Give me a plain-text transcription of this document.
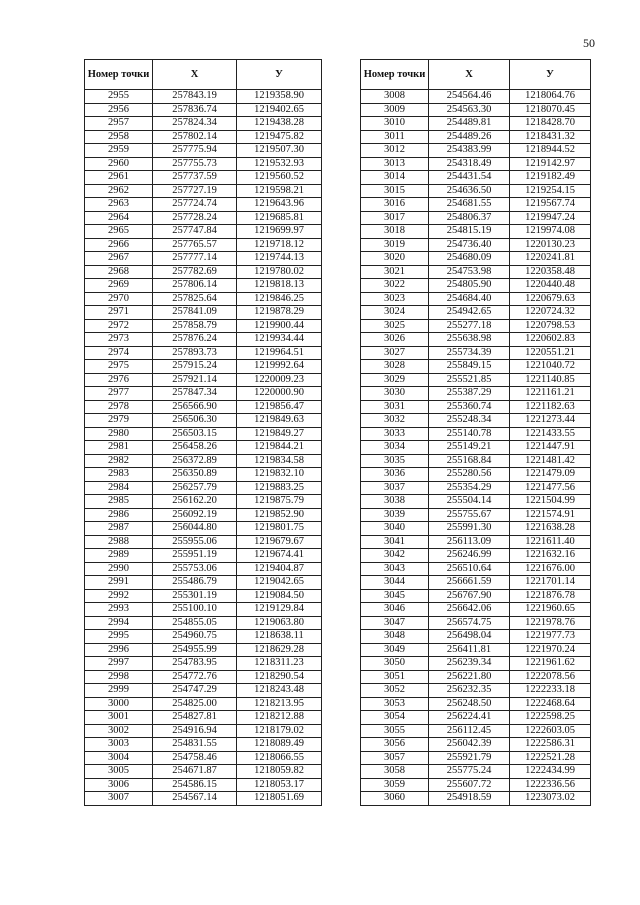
50
Номер точки	Х	У
2955	257843.19	1219358.90
2956	257836.74	1219402.65
2957	257824.34	1219438.28
2958	257802.14	1219475.82
2959	257775.94	1219507.30
2960	257755.73	1219532.93
2961	257737.59	1219560.52
2962	257727.19	1219598.21
2963	257724.74	1219643.96
2964	257728.24	1219685.81
2965	257747.84	1219699.97
2966	257765.57	1219718.12
2967	257777.14	1219744.13
2968	257782.69	1219780.02
2969	257806.14	1219818.13
2970	257825.64	1219846.25
2971	257841.09	1219878.29
2972	257858.79	1219900.44
2973	257876.24	1219934.44
2974	257893.73	1219964.51
2975	257915.24	1219992.64
2976	257921.14	1220009.23
2977	257847.34	1220000.90
2978	256566.90	1219856.47
2979	256506.30	1219849.63
2980	256503.15	1219849.27
2981	256458.26	1219844.21
2982	256372.89	1219834.58
2983	256350.89	1219832.10
2984	256257.79	1219883.25
2985	256162.20	1219875.79
2986	256092.19	1219852.90
2987	256044.80	1219801.75
2988	255955.06	1219679.67
2989	255951.19	1219674.41
2990	255753.06	1219404.87
2991	255486.79	1219042.65
2992	255301.19	1219084.50
2993	255100.10	1219129.84
2994	254855.05	1219063.80
2995	254960.75	1218638.11
2996	254955.99	1218629.28
2997	254783.95	1218311.23
2998	254772.76	1218290.54
2999	254747.29	1218243.48
3000	254825.00	1218213.95
3001	254827.81	1218212.88
3002	254916.94	1218179.02
3003	254831.55	1218089.49
3004	254758.46	1218066.55
3005	254671.87	1218059.82
3006	254586.15	1218053.17
3007	254567.14	1218051.69
Номер точки	Х	У
3008	254564.46	1218064.76
3009	254563.30	1218070.45
3010	254489.81	1218428.70
3011	254489.26	1218431.32
3012	254383.99	1218944.52
3013	254318.49	1219142.97
3014	254431.54	1219182.49
3015	254636.50	1219254.15
3016	254681.55	1219567.74
3017	254806.37	1219947.24
3018	254815.19	1219974.08
3019	254736.40	1220130.23
3020	254680.09	1220241.81
3021	254753.98	1220358.48
3022	254805.90	1220440.48
3023	254684.40	1220679.63
3024	254942.65	1220724.32
3025	255277.18	1220798.53
3026	255638.98	1220602.83
3027	255734.39	1220551.21
3028	255849.15	1221040.72
3029	255521.85	1221140.85
3030	255387.29	1221161.21
3031	255360.74	1221182.63
3032	255248.34	1221273.44
3033	255140.78	1221433.55
3034	255149.21	1221447.91
3035	255168.84	1221481.42
3036	255280.56	1221479.09
3037	255354.29	1221477.56
3038	255504.14	1221504.99
3039	255755.67	1221574.91
3040	255991.30	1221638.28
3041	256113.09	1221611.40
3042	256246.99	1221632.16
3043	256510.64	1221676.00
3044	256661.59	1221701.14
3045	256767.90	1221876.78
3046	256642.06	1221960.65
3047	256574.75	1221978.76
3048	256498.04	1221977.73
3049	256411.81	1221970.24
3050	256239.34	1221961.62
3051	256221.80	1222078.56
3052	256232.35	1222233.18
3053	256248.50	1222468.64
3054	256224.41	1222598.25
3055	256112.45	1222603.05
3056	256042.39	1222586.31
3057	255921.79	1222521.28
3058	255775.24	1222434.99
3059	255607.72	1222336.56
3060	254918.59	1223073.02
